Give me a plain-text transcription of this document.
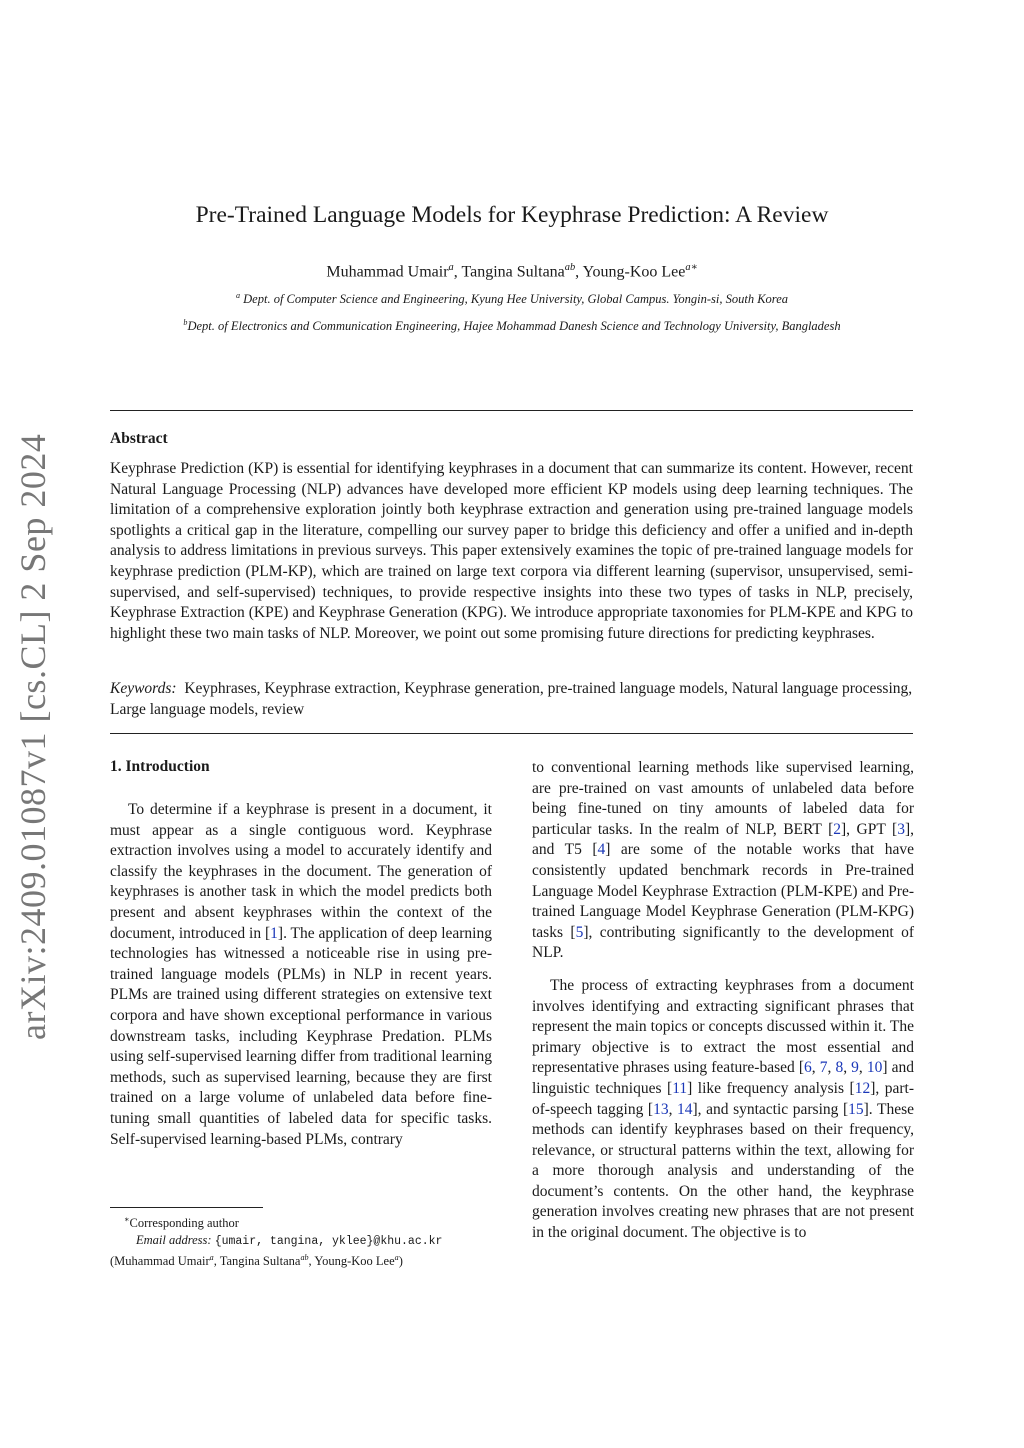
arXiv:2409.01087v1 [cs.CL] 2 Sep 2024
Pre-Trained Language Models for Keyphrase Prediction: A Review
Muhammad Umair$^a$, Tangina Sultana$^{ab}$, Young-Koo Lee$^{a∗}$
$^a$ Dept. of Computer Science and Engineering, Kyung Hee University, Global Campus. Yongin-si, South Korea
$^b$Dept. of Electronics and Communication Engineering, Hajee Mohammad Danesh Science and Technology University, Bangladesh
Abstract
Keyphrase Prediction (KP) is essential for identifying keyphrases in a document that can summarize its content. However, recent Natural Language Processing (NLP) advances have developed more efficient KP models using deep learning techniques. The limitation of a comprehensive exploration jointly both keyphrase extraction and generation using pre-trained language models spotlights a critical gap in the literature, compelling our survey paper to bridge this deficiency and offer a unified and in-depth analysis to address limitations in previous surveys. This paper extensively examines the topic of pre-trained language models for keyphrase prediction (PLM-KP), which are trained on large text corpora via different learning (supervisor, unsupervised, semi-supervised, and self-supervised) techniques, to provide respective insights into these two types of tasks in NLP, precisely, Keyphrase Extraction (KPE) and Keyphrase Generation (KPG). We introduce appropriate taxonomies for PLM-KPE and KPG to highlight these two main tasks of NLP. Moreover, we point out some promising future directions for predicting keyphrases.
Keywords: Keyphrases, Keyphrase extraction, Keyphrase generation, pre-trained language models, Natural language processing, Large language models, review
1. Introduction

To determine if a keyphrase is present in a document, it must appear as a single contiguous word. Keyphrase extraction involves using a model to accurately identify and classify the keyphrases in the document. The generation of keyphrases is another task in which the model predicts both present and absent keyphrases within the context of the document, introduced in [1]. The application of deep learning technologies has witnessed a noticeable rise in using pre-trained language models (PLMs) in NLP in recent years. PLMs are trained using different strategies on extensive text corpora and have shown exceptional performance in various downstream tasks, including Keyphrase Predation. PLMs using self-supervised learning differ from traditional learning methods, such as supervised learning, because they are first trained on a large volume of unlabeled data before fine-tuning small quantities of labeled data for specific tasks. Self-supervised learning-based PLMs, contrary

to conventional learning methods like supervised learning, are pre-trained on vast amounts of unlabeled data before being fine-tuned on tiny amounts of labeled data for particular tasks. In the realm of NLP, BERT [2], GPT [3], and T5 [4] are some of the notable works that have consistently updated benchmark records in Pre-trained Language Model Keyphrase Extraction (PLM-KPE) and Pre-trained Language Model Keyphrase Generation (PLM-KPG) tasks [5], contributing significantly to the development of NLP.

The process of extracting keyphrases from a document involves identifying and extracting significant phrases that represent the main topics or concepts discussed within it. The primary objective is to extract the most essential and representative phrases using feature-based [6, 7, 8, 9, 10] and linguistic techniques [11] like frequency analysis [12], part-of-speech tagging [13, 14], and syntactic parsing [15]. These methods can identify keyphrases based on their frequency, relevance, or structural patterns within the text, allowing for a more thorough analysis and understanding of the document’s contents. On the other hand, the keyphrase generation involves creating new phrases that are not present in the original document. The objective is to

∗Corresponding author
Email address: {umair, tangina, yklee}@khu.ac.kr
(Muhammad Umair$^a$, Tangina Sultana$^{ab}$, Young-Koo Lee$^a$)
